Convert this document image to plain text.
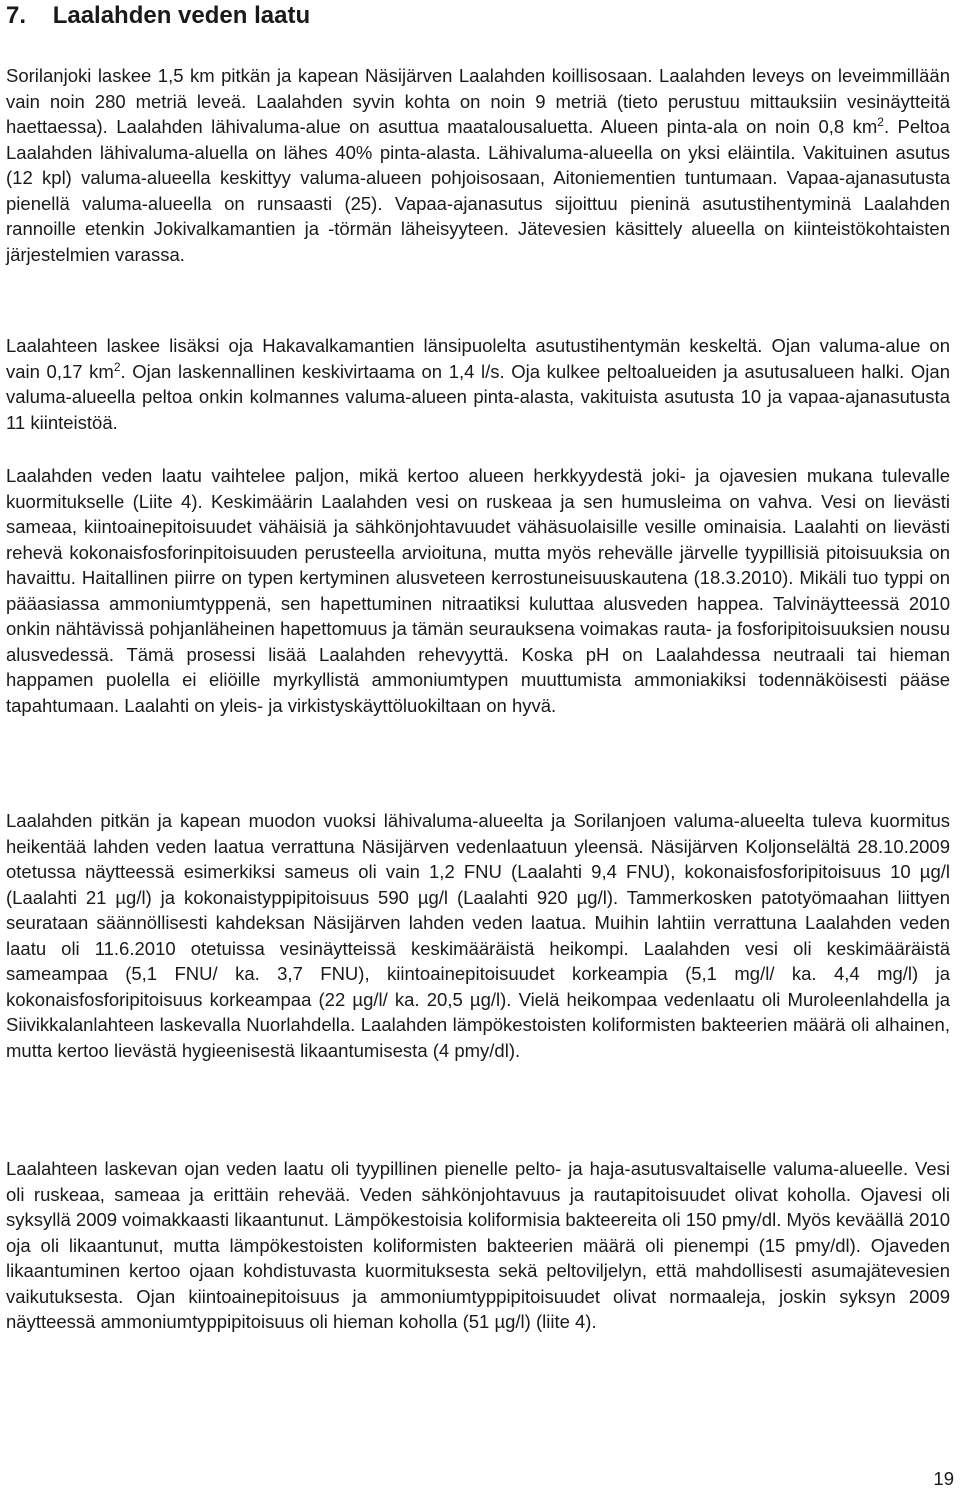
7. Laalahden veden laatu

Sorilanjoki laskee 1,5 km pitkän ja kapean Näsijärven Laalahden koillisosaan. Laalahden leveys on leveimmillään vain noin 280 metriä leveä. Laalahden syvin kohta on noin 9 metriä (tieto perustuu mittauksiin vesinäytteitä haettaessa). Laalahden lähivaluma-alue on asuttua maatalousaluetta. Alueen pinta-ala on noin 0,8 $km^2$. Peltoa Laalahden lähivaluma-aluella on lähes 40% pinta-alasta. Lähivaluma-alueella on yksi eläintila. Vakituinen asutus (12 kpl) valuma-alueella keskittyy valuma-alueen pohjoisosaan, Aitoniementien tuntumaan. Vapaa-ajanasutusta pienellä valuma-alueella on runsaasti (25). Vapaa-ajanasutus sijoittuu pieninä asutustihentyminä Laalahden rannoille etenkin Jokivalkamantien ja -törmän läheisyyteen. Jätevesien käsittely alueella on kiinteistökohtaisten järjestelmien varassa.

Laalahteen laskee lisäksi oja Hakavalkamantien länsipuolelta asutustihentymän keskeltä. Ojan valuma-alue on vain 0,17 $km^2$. Ojan laskennallinen keskivirtaama on 1,4 l/s. Oja kulkee peltoalueiden ja asutusalueen halki. Ojan valuma-alueella peltoa onkin kolmannes valuma-alueen pinta-alasta, vakituista asutusta 10 ja vapaa-ajanasutusta 11 kiinteistöä.

Laalahden veden laatu vaihtelee paljon, mikä kertoo alueen herkkyydestä joki- ja ojavesien mukana tulevalle kuormitukselle (Liite 4). Keskimäärin Laalahden vesi on ruskeaa ja sen humusleima on vahva. Vesi on lievästi sameaa, kiintoainepitoisuudet vähäisiä ja sähkönjohtavuudet vähäsuolaisille vesille ominaisia. Laalahti on lievästi rehevä kokonaisfosforinpitoisuuden perusteella arvioituna, mutta myös rehevälle järvelle tyypillisiä pitoisuuksia on havaittu. Haitallinen piirre on typen kertyminen alusveteen kerrostuneisuuskautena (18.3.2010). Mikäli tuo typpi on pääasiassa ammoniumtyppenä, sen hapettuminen nitraatiksi kuluttaa alusveden happea. Talvinäytteessä 2010 onkin nähtävissä pohjanläheinen hapettomuus ja tämän seurauksena voimakas rauta- ja fosforipitoisuuksien nousu alusvedessä. Tämä prosessi lisää Laalahden rehevyyttä. Koska pH on Laalahdessa neutraali tai hieman happamen puolella ei eliöille myrkyllistä ammoniumtypen muuttumista ammoniakiksi todennäköisesti pääse tapahtumaan. Laalahti on yleis- ja virkistyskäyttöluokiltaan on hyvä.

Laalahden pitkän ja kapean muodon vuoksi lähivaluma-alueelta ja Sorilanjoen valuma-alueelta tuleva kuormitus heikentää lahden veden laatua verrattuna Näsijärven vedenlaatuun yleensä. Näsijärven Koljonselältä 28.10.2009 otetussa näytteessä esimerkiksi sameus oli vain 1,2 FNU (Laalahti 9,4 FNU), kokonaisfosforipitoisuus 10 µg/l (Laalahti 21 µg/l) ja kokonaistyppipitoisuus 590 µg/l (Laalahti 920 µg/l). Tammerkosken patotyömaahan liittyen seurataan säännöllisesti kahdeksan Näsijärven lahden veden laatua. Muihin lahtiin verrattuna Laalahden veden laatu oli 11.6.2010 otetuissa vesinäytteissä keskimääräistä heikompi. Laalahden vesi oli keskimääräistä sameampaa (5,1 FNU/ ka. 3,7 FNU), kiintoainepitoisuudet korkeampia (5,1 mg/l/ ka. 4,4 mg/l) ja kokonaisfosforipitoisuus korkeampaa (22 µg/l/ ka. 20,5 µg/l). Vielä heikompaa vedenlaatu oli Muroleenlahdella ja Siivikkalanlahteen laskevalla Nuorlahdella. Laalahden lämpökestoisten koliformisten bakteerien määrä oli alhainen, mutta kertoo lievästä hygieenisestä likaantumisesta (4 pmy/dl).

Laalahteen laskevan ojan veden laatu oli tyypillinen pienelle pelto- ja haja-asutusvaltaiselle valuma-alueelle. Vesi oli ruskeaa, sameaa ja erittäin rehevää. Veden sähkönjohtavuus ja rautapitoisuudet olivat koholla. Ojavesi oli syksyllä 2009 voimakkaasti likaantunut. Lämpökestoisia koliformisia bakteereita oli 150 pmy/dl. Myös keväällä 2010 oja oli likaantunut, mutta lämpökestoisten koliformisten bakteerien määrä oli pienempi (15 pmy/dl). Ojaveden likaantuminen kertoo ojaan kohdistuvasta kuormituksesta sekä peltoviljelyn, että mahdollisesti asumajätevesien vaikutuksesta. Ojan kiintoainepitoisuus ja ammoniumtyppipitoisuudet olivat normaaleja, joskin syksyn 2009 näytteessä ammoniumtyppipitoisuus oli hieman koholla (51 µg/l) (liite 4).

19
